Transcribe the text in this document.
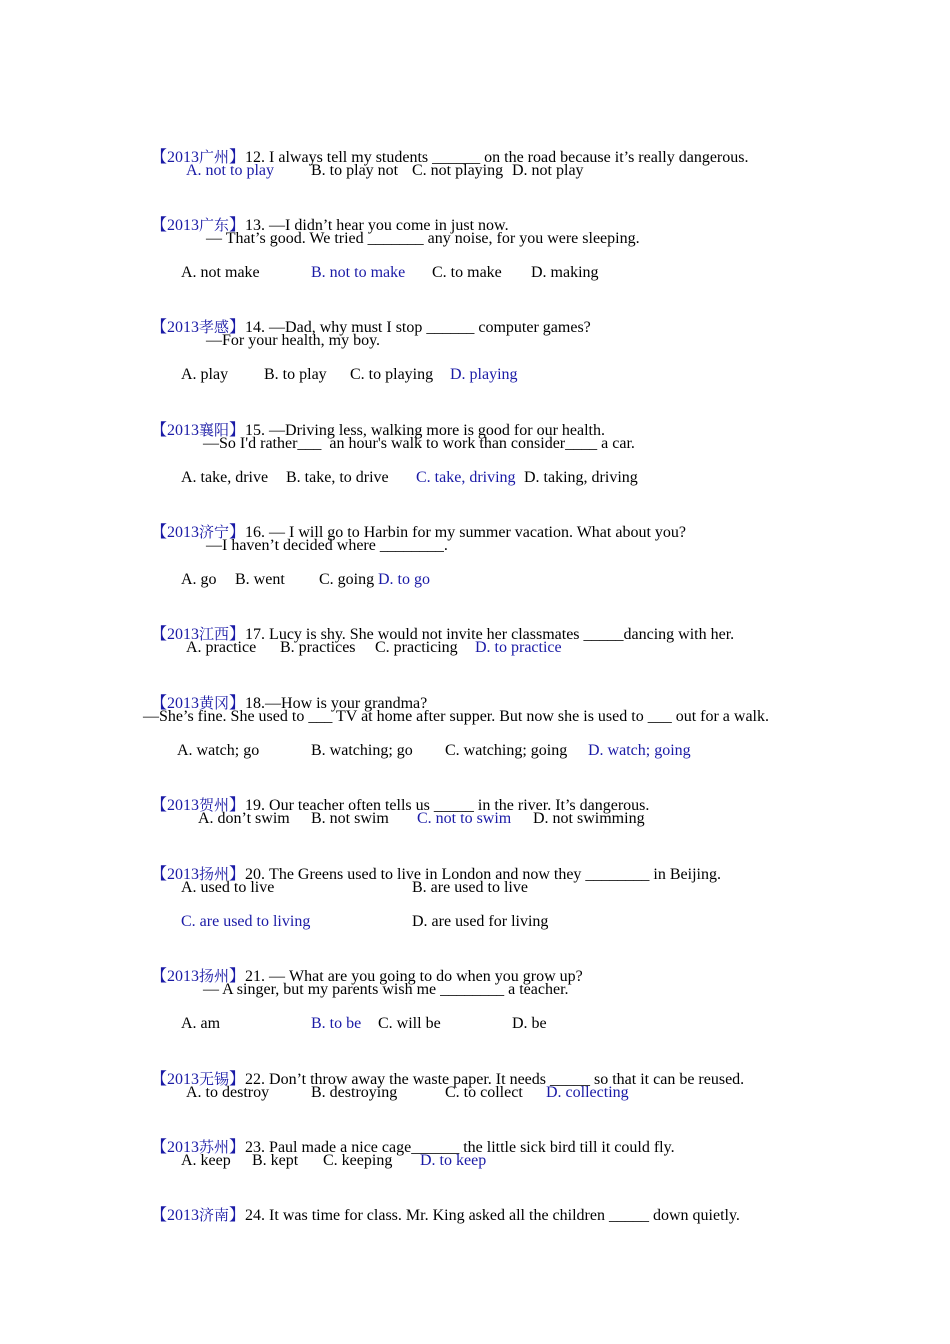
【2013广州】12. I always tell my students ______ on the road because it’s really dangerous.

A. not to play

B. to play not

C. not playing

D. not play

【2013广东】13. —I didn’t hear you come in just now.

— That’s good. We tried _______ any noise, for you were sleeping.

A. not make

	B. not to make

C. to make

D. making

【2013孝感】14. —Dad, why must I stop ______ computer games?

—For your health, my boy.

A. play

B. to play

C. to playing

D. playing

【2013襄阳】15. —Driving less, walking more is good for our health.

—So I'd rather___  an hour's walk to work than consider____ a car.

A. take, drive

B. take, to drive

C. take, driving

D. taking, driving

【2013济宁】16. — I will go to Harbin for my summer vacation. What about you?

—I haven’t decided where ________.

A. go

B. went

C. going

D. to go

【2013江西】17. Lucy is shy. She would not invite her classmates _____dancing with her.

A. practice

B. practices

C. practicing

D. to practice

【2013黄冈】18.—How is your grandma?

—She’s fine. She used to ___ TV at home after supper. But now she is used to ___ out for a walk.

A. watch; go

	B. watching; go

C. watching; going

D. watch; going

【2013贺州】19. Our teacher often tells us _____ in the river. It’s dangerous.

A. don’t swim

B. not swim

C. not to swim

D. not swimming

【2013扬州】20. The Greens used to live in London and now they ________ in Beijing.

A. used to live

	B. are used to live

C. are used to living

	D. are used for living

【2013扬州】21. — What are you going to do when you grow up?

— A singer, but my parents wish me ________ a teacher.

A. am

	B. to be

C. will be

	D. be

【2013无锡】22. Don’t throw away the waste paper. It needs _____ so that it can be reused.

A. to destroy

	B. destroying

	C. to collect

D. collecting

【2013苏州】23. Paul made a nice cage______ the little sick bird till it could fly.

A. keep

B. kept

C. keeping

D. to keep

【2013济南】24. It was time for class. Mr. King asked all the children _____ down quietly.
